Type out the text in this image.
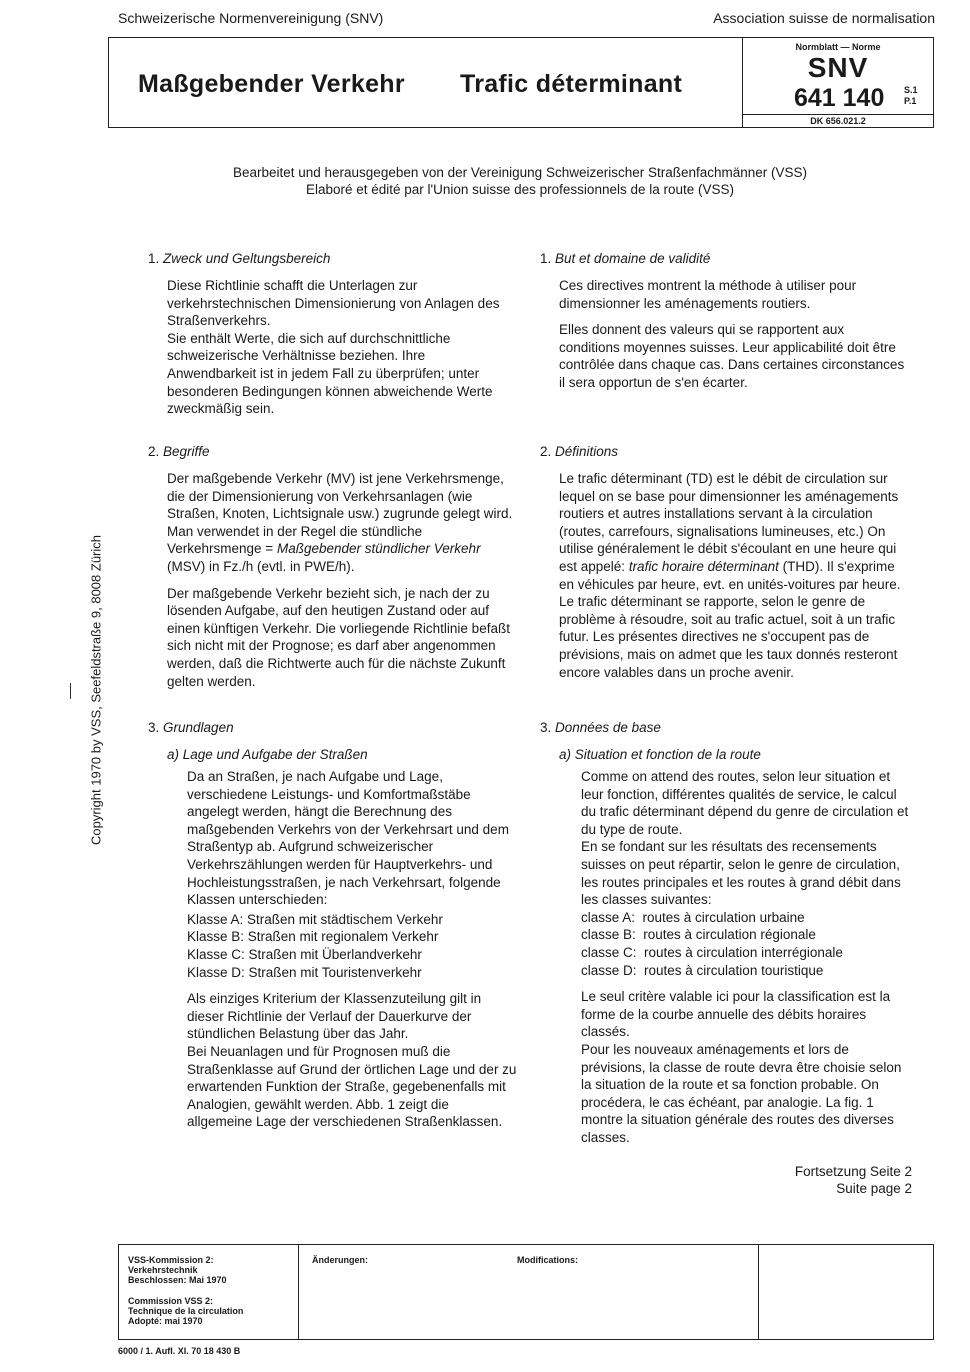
Schweizerische Normenvereinigung (SNV)	Association suisse de normalisation
Maßgebender Verkehr Trafic déterminant
Normblatt — Norme
SNV
641 140 S.1
P.1
DK 656.021.2
Bearbeitet und herausgegeben von der Vereinigung Schweizerischer Straßenfachmänner (VSS)
Elaboré et édité par l'Union suisse des professionnels de la route (VSS)
Copyright 1970 by VSS, Seefeldstraße 9, 8008 Zürich
1. Zweck und Geltungsbereich

Diese Richtlinie schafft die Unterlagen zur verkehrstechnischen Dimensionierung von Anlagen des Straßenverkehrs.

Sie enthält Werte, die sich auf durchschnittliche schweizerische Verhältnisse beziehen. Ihre Anwendbarkeit ist in jedem Fall zu überprüfen; unter besonderen Bedingungen können abweichende Werte zweckmäßig sein.

2. Begriffe

Der maßgebende Verkehr (MV) ist jene Verkehrsmenge, die der Dimensionierung von Verkehrsanlagen (wie Straßen, Knoten, Lichtsignale usw.) zugrunde gelegt wird. Man verwendet in der Regel die stündliche Verkehrsmenge = Maßgebender stündlicher Verkehr (MSV) in Fz./h (evtl. in PWE/h).

Der maßgebende Verkehr bezieht sich, je nach der zu lösenden Aufgabe, auf den heutigen Zustand oder auf einen künftigen Verkehr. Die vorliegende Richtlinie befaßt sich nicht mit der Prognose; es darf aber angenommen werden, daß die Richtwerte auch für die nächste Zukunft gelten werden.

3. Grundlagen
a) Lage und Aufgabe der Straßen

Da an Straßen, je nach Aufgabe und Lage, verschiedene Leistungs- und Komfortmaßstäbe angelegt werden, hängt die Berechnung des maßgebenden Verkehrs von der Verkehrsart und dem Straßentyp ab. Aufgrund schweizerischer Verkehrszählungen werden für Hauptverkehrs- und Hochleistungsstraßen, je nach Verkehrsart, folgende Klassen unterschieden:

Klasse A: Straßen mit städtischem Verkehr
Klasse B: Straßen mit regionalem Verkehr
Klasse C: Straßen mit Überlandverkehr
Klasse D: Straßen mit Touristenverkehr

Als einziges Kriterium der Klassenzuteilung gilt in dieser Richtlinie der Verlauf der Dauerkurve der stündlichen Belastung über das Jahr.

Bei Neuanlagen und für Prognosen muß die Straßenklasse auf Grund der örtlichen Lage und der zu erwartenden Funktion der Straße, gegebenenfalls mit Analogien, gewählt werden. Abb. 1 zeigt die allgemeine Lage der verschiedenen Straßenklassen.

1. But et domaine de validité

Ces directives montrent la méthode à utiliser pour dimensionner les aménagements routiers.

Elles donnent des valeurs qui se rapportent aux conditions moyennes suisses. Leur applicabilité doit être contrôlée dans chaque cas. Dans certaines circonstances il sera opportun de s'en écarter.

2. Définitions

Le trafic déterminant (TD) est le débit de circulation sur lequel on se base pour dimensionner les aménagements routiers et autres installations servant à la circulation (routes, carrefours, signalisations lumineuses, etc.) On utilise généralement le débit s'écoulant en une heure qui est appelé: trafic horaire déterminant (THD). Il s'exprime en véhicules par heure, evt. en unités-voitures par heure.

Le trafic déterminant se rapporte, selon le genre de problème à résoudre, soit au trafic actuel, soit à un trafic futur. Les présentes directives ne s'occupent pas de prévisions, mais on admet que les taux donnés resteront encore valables dans un proche avenir.

3. Données de base
a) Situation et fonction de la route

Comme on attend des routes, selon leur situation et leur fonction, différentes qualités de service, le calcul du trafic déterminant dépend du genre de circulation et du type de route.

En se fondant sur les résultats des recensements suisses on peut répartir, selon le genre de circulation, les routes principales et les routes à grand débit dans les classes suivantes:

classe A:  routes à circulation urbaine
classe B:  routes à circulation régionale
classe C:  routes à circulation interrégionale
classe D:  routes à circulation touristique

Le seul critère valable ici pour la classification est la forme de la courbe annuelle des débits horaires classés.

Pour les nouveaux aménagements et lors de prévisions, la classe de route devra être choisie selon la situation de la route et sa fonction probable. On procédera, le cas échéant, par analogie. La fig. 1 montre la situation générale des routes des diverses classes.

Fortsetzung Seite 2
Suite page 2
VSS-Kommission 2:
Verkehrstechnik
Beschlossen: Mai 1970
Commission VSS 2:
Technique de la circulation
Adopté: mai 1970
Änderungen:	Modifications:
6000 / 1. Aufl. XI. 70 18 430 B
